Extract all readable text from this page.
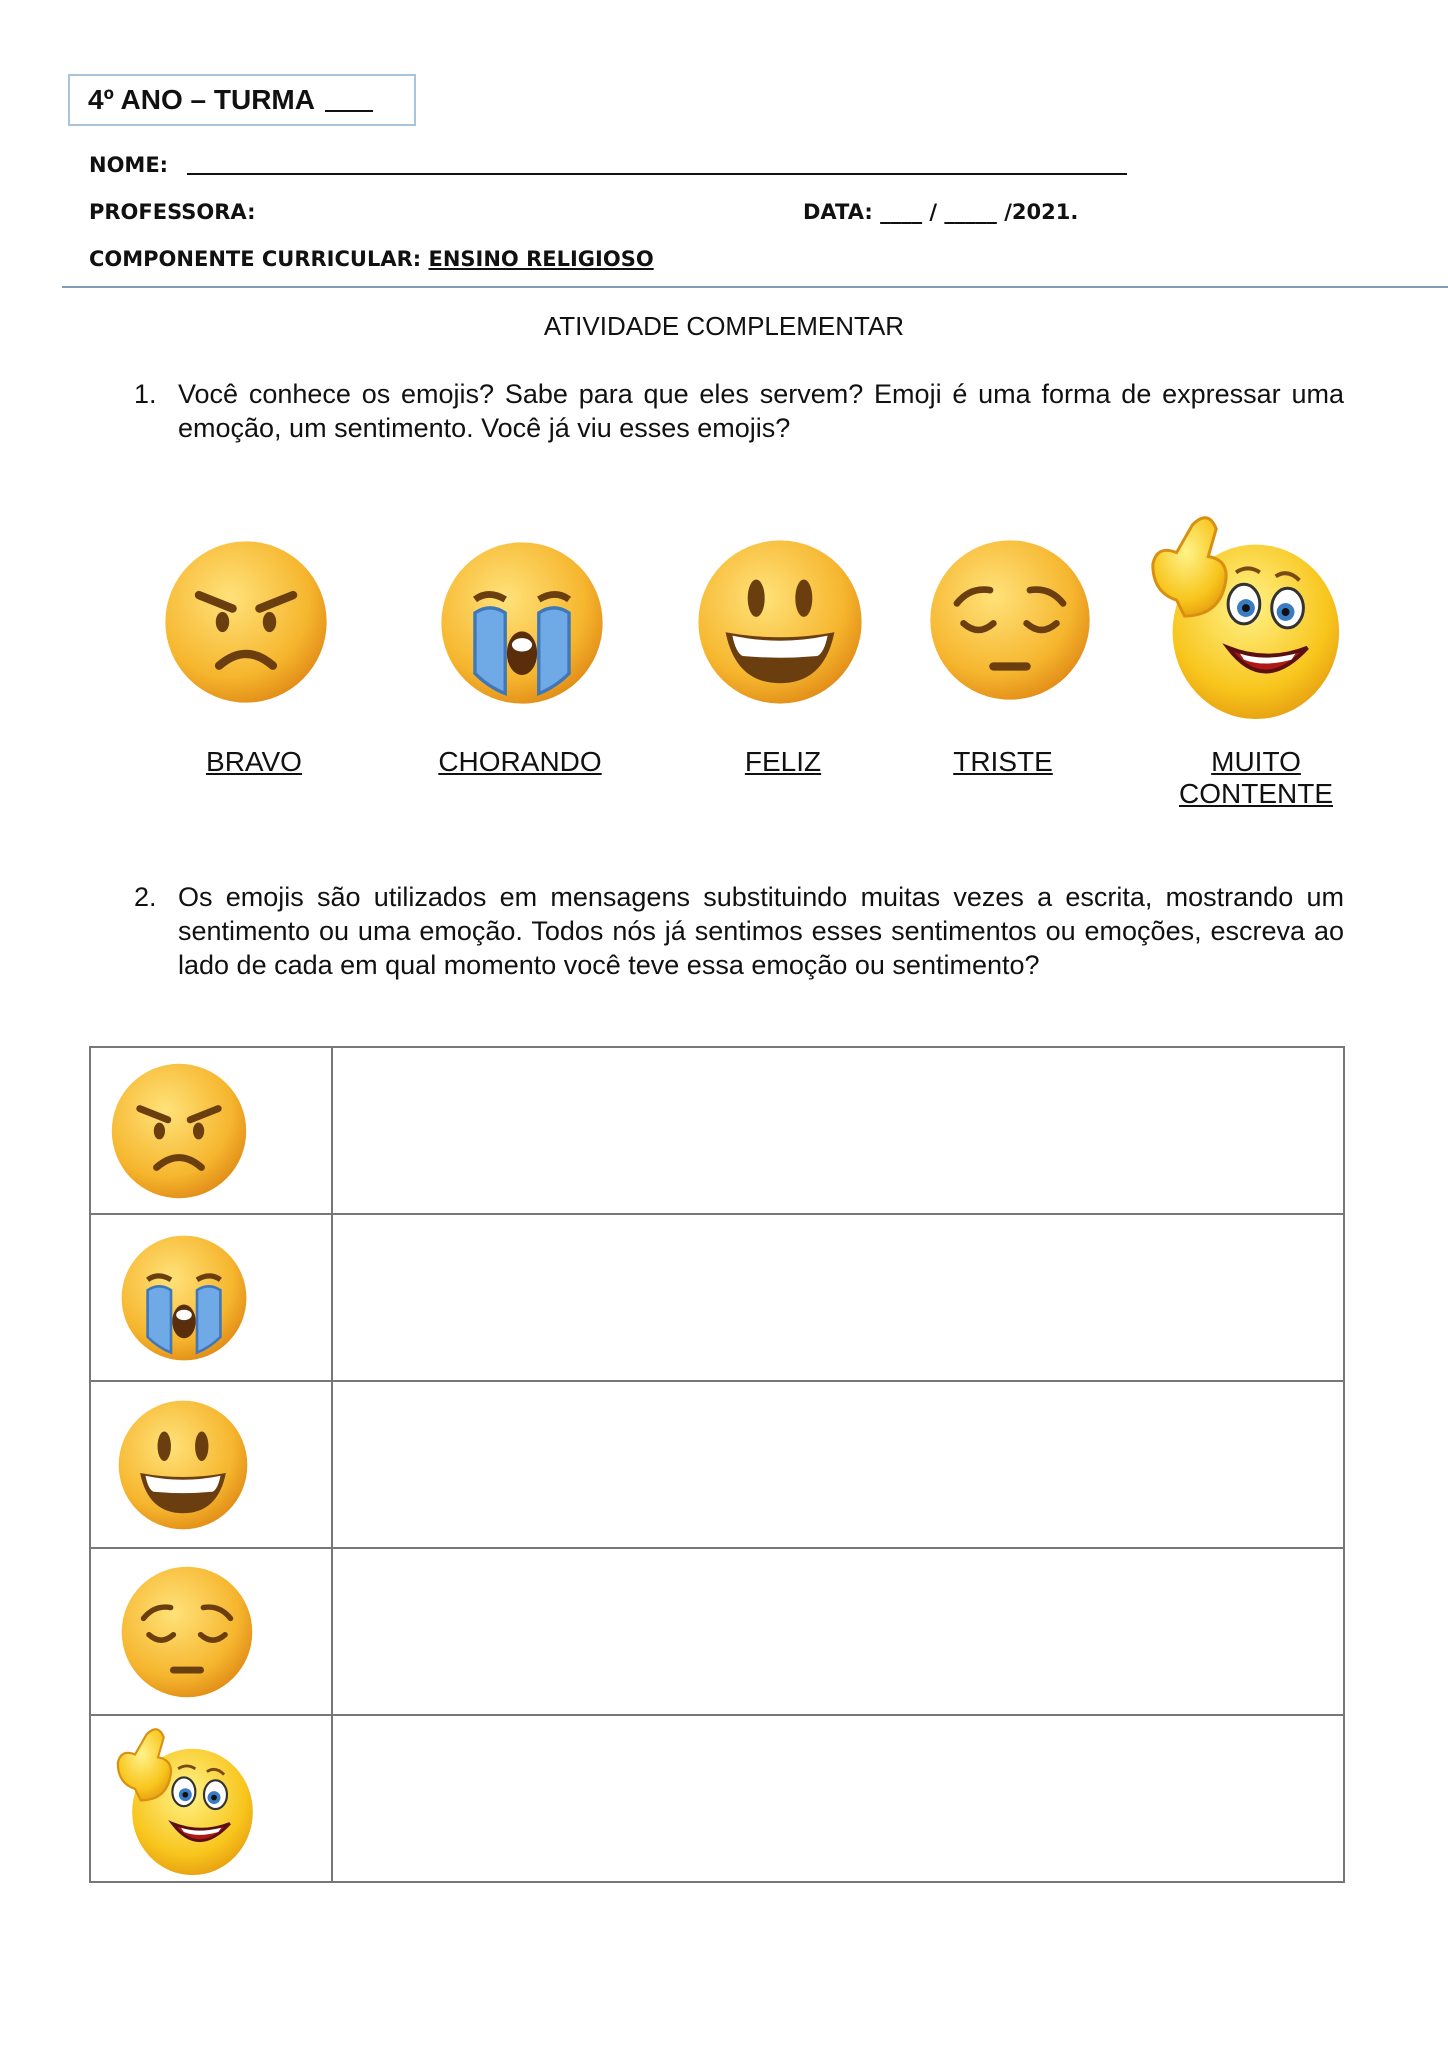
4º ANO – TURMA
NOME:
PROFESSORA:	DATA: ____ / _____ /2021.
COMPONENTE CURRICULAR: ENSINO RELIGIOSO
ATIVIDADE COMPLEMENTAR
1. Você conhece os emojis? Sabe para que eles servem? Emoji é uma forma de expressar uma emoção, um sentimento. Você já viu esses emojis?
BRAVO	CHORANDO	FELIZ	TRISTE	MUITO CONTENTE
2. Os emojis são utilizados em mensagens substituindo muitas vezes a escrita, mostrando um sentimento ou uma emoção. Todos nós já sentimos esses sentimentos ou emoções, escreva ao lado de cada em qual momento você teve essa emoção ou sentimento?
